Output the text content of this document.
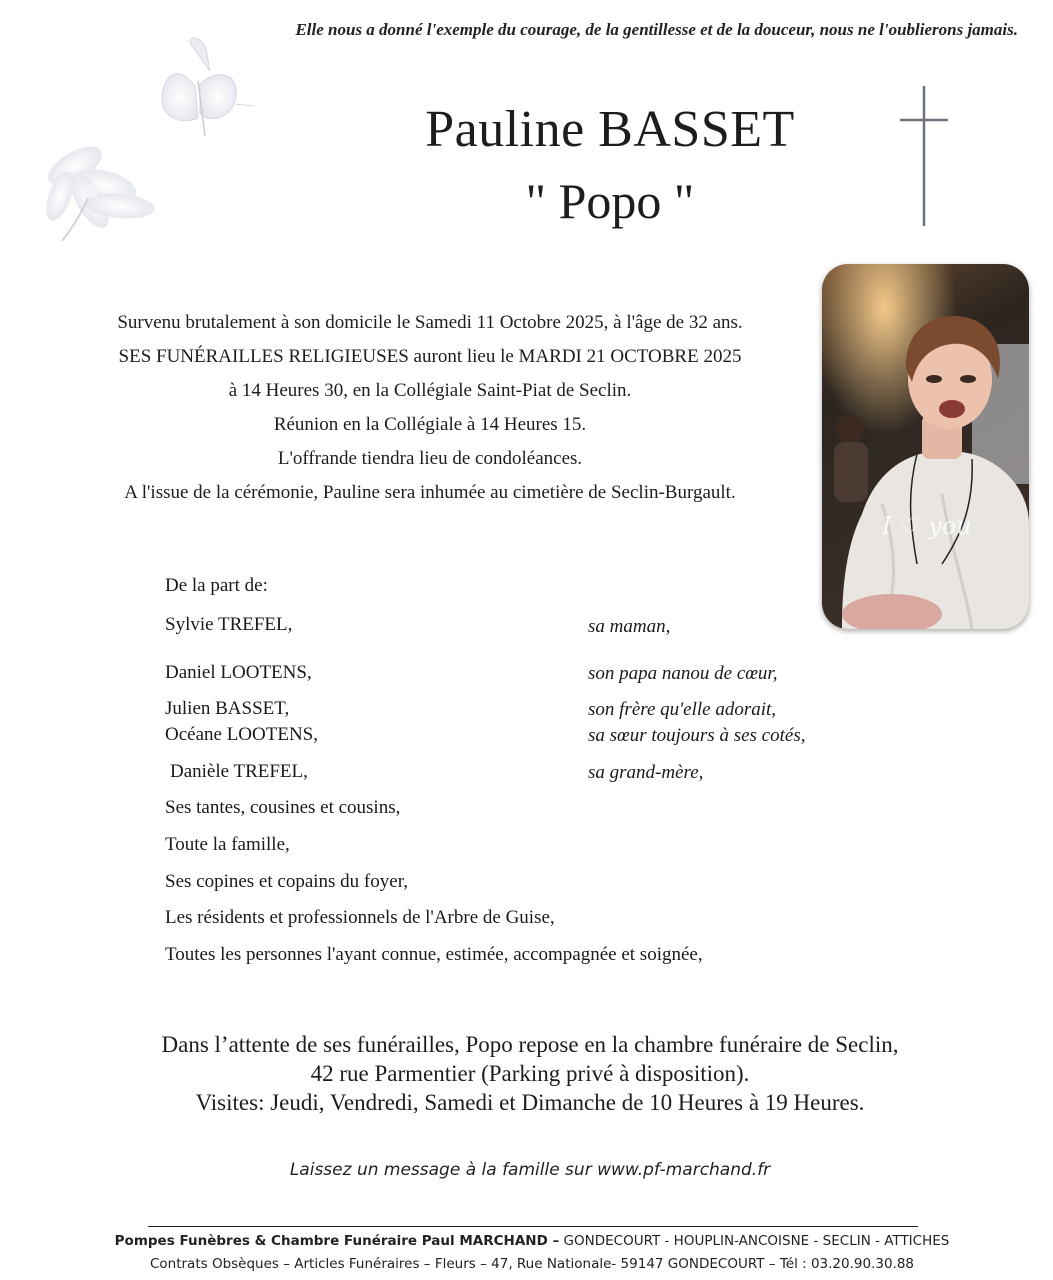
Elle nous a donné l'exemple du courage, de la gentillesse et de la douceur, nous ne l'oublierons jamais.
Pauline BASSET
" Popo "
I ♡ you
Survenu brutalement à son domicile le Samedi 11 Octobre 2025, à l'âge de 32 ans.
SES FUNÉRAILLES RELIGIEUSES auront lieu le MARDI 21 OCTOBRE 2025
à 14 Heures 30, en la Collégiale Saint-Piat de Seclin.
Réunion en la Collégiale à 14 Heures 15.
L'offrande tiendra lieu de condoléances.
A l'issue de la cérémonie, Pauline sera inhumée au cimetière de Seclin-Burgault.
De la part de:
Sylvie TREFEL,	sa maman,
Daniel LOOTENS,	son papa nanou de cœur,
Julien BASSET,	son frère qu'elle adorait,
Océane LOOTENS,	sa sœur toujours à ses cotés,
Danièle TREFEL,	sa grand-mère,
Ses tantes, cousines et cousins,
Toute la famille,
Ses copines et copains du foyer,
Les résidents et professionnels de l'Arbre de Guise,
Toutes les personnes l'ayant connue, estimée, accompagnée et soignée,
Dans l’attente de ses funérailles, Popo repose en la chambre funéraire de Seclin,
42 rue Parmentier (Parking privé à disposition).
Visites: Jeudi, Vendredi, Samedi et Dimanche de 10 Heures à 19 Heures.
Laissez un message à la famille sur www.pf-marchand.fr
Pompes Funèbres & Chambre Funéraire Paul MARCHAND – GONDECOURT - HOUPLIN-ANCOISNE - SECLIN - ATTICHES
Contrats Obsèques – Articles Funéraires – Fleurs – 47, Rue Nationale- 59147 GONDECOURT – Tél : 03.20.90.30.88
